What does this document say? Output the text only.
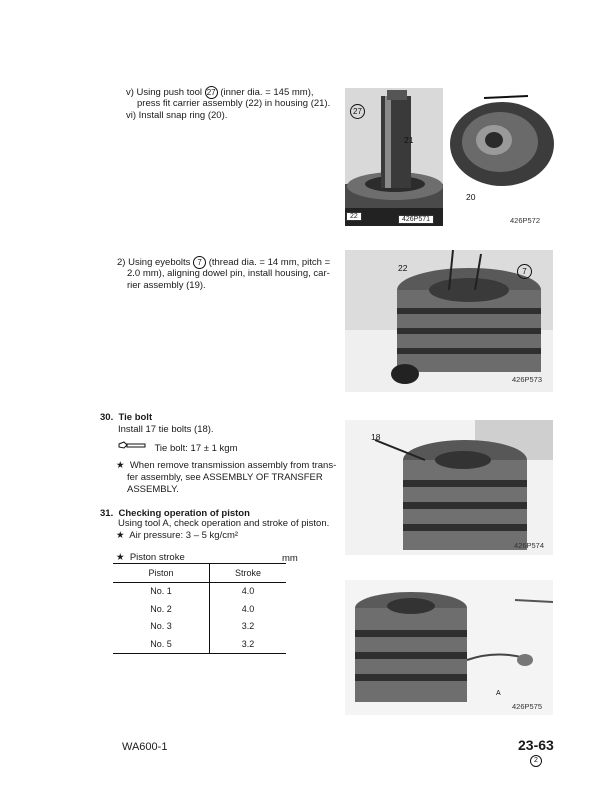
v) Using push tool 27 (inner dia. = 145 mm),
press fit carrier assembly (22) in housing (21).
vi) Install snap ring (20).	27
21
22	426P571
20
426P572
2) Using eyebolts 7 (thread dia. = 14 mm, pitch =
2.0 mm), aligning dowel pin, install housing, car-
rier assembly (19).
22	7
426P573
30. Tie bolt
Install 17 tie bolts (18).
Tie bolt: 17 ± 1 kgm
★ When remove transmission assembly from trans-
fer assembly, see ASSEMBLY OF TRANSFER
ASSEMBLY.
18
426P574
31. Checking operation of piston
Using tool A, check operation and stroke of piston.
★ Air pressure: 3 – 5 kg/cm²
★ Piston stroke	mm
Piston	Stroke
No. 1	4.0
No. 2	4.0
No. 3	3.2
No. 5	3.2
A
426P575
WA600-1	23-63
2
